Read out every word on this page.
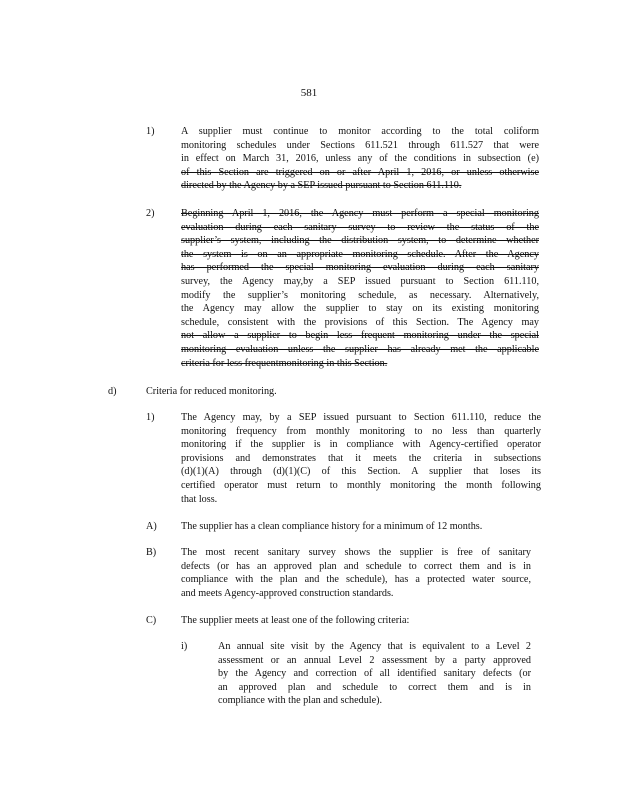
581
1)	A supplier must continue to monitor according to the total coliform
monitoring schedules under Sections 611.521 through 611.527 that were
in effect on March 31, 2016, unless any of the conditions in subsection (e)
of this Section are triggered on or after April 1, 2016, or unless otherwise
directed by the Agency by a SEP issued pursuant to Section 611.110.
2)	Beginning April 1, 2016, the Agency must perform a special monitoring
evaluation during each sanitary survey to review the status of the
supplier’s system, including the distribution system, to determine whether
the system is on an appropriate monitoring schedule. After the Agency
has performed the special monitoring evaluation during each sanitary
survey, the Agency may,by a SEP issued pursuant to Section 611.110,
modify the supplier’s monitoring schedule, as necessary. Alternatively,
the Agency may allow the supplier to stay on its existing monitoring
schedule, consistent with the provisions of this Section. The Agency may
not allow a supplier to begin less frequent monitoring under the special
monitoring evaluation unless the supplier has already met the applicable
criteria for less frequentmonitoring in this Section.
d)	Criteria for reduced monitoring.
1)	The Agency may, by a SEP issued pursuant to Section 611.110, reduce the
monitoring frequency from monthly monitoring to no less than quarterly
monitoring if the supplier is in compliance with Agency-certified operator
provisions and demonstrates that it meets the criteria in subsections
(d)(1)(A) through (d)(1)(C) of this Section. A supplier that loses its
certified operator must return to monthly monitoring the month following
that loss.
A) The supplier has a clean compliance history for a minimum of 12 months.
B) The most recent sanitary survey shows the supplier is free of sanitary
defects (or has an approved plan and schedule to correct them and is in
compliance with the plan and the schedule), has a protected water source,
and meets Agency-approved construction standards.
C) The supplier meets at least one of the following criteria:
i)	An annual site visit by the Agency that is equivalent to a Level 2
assessment or an annual Level 2 assessment by a party approved
by the Agency and correction of all identified sanitary defects (or
an approved plan and schedule to correct them and is in
compliance with the plan and schedule).
